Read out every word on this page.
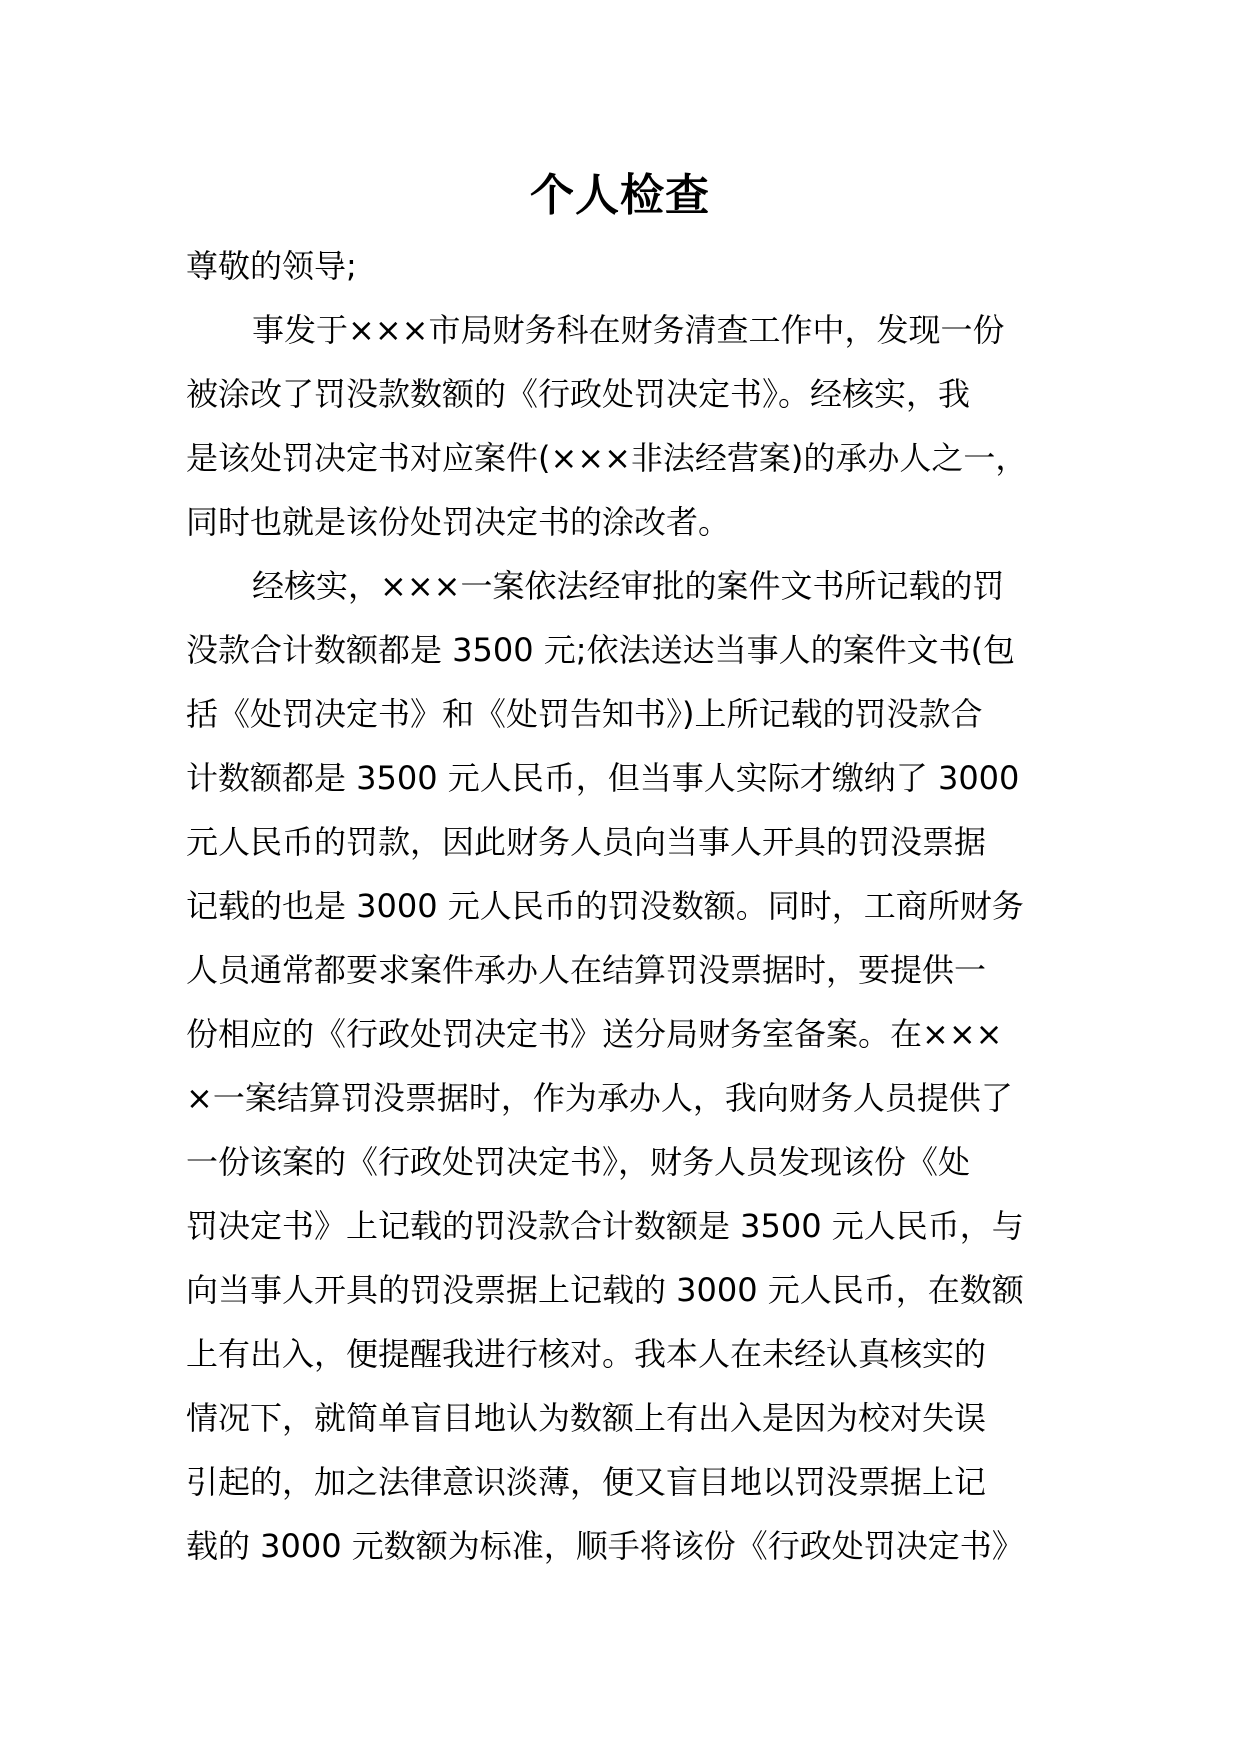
个人检查
尊敬的领导;
事发于×××市局财务科在财务清查工作中，发现一份
被涂改了罚没款数额的《行政处罚决定书》。经核实，我
是该处罚决定书对应案件(×××非法经营案)的承办人之一，
同时也就是该份处罚决定书的涂改者。
经核实，×××一案依法经审批的案件文书所记载的罚
没款合计数额都是 3500 元;依法送达当事人的案件文书(包
括《处罚决定书》和《处罚告知书》)上所记载的罚没款合
计数额都是 3500 元人民币，但当事人实际才缴纳了 3000
元人民币的罚款，因此财务人员向当事人开具的罚没票据
记载的也是 3000 元人民币的罚没数额。同时，工商所财务
人员通常都要求案件承办人在结算罚没票据时，要提供一
份相应的《行政处罚决定书》送分局财务室备案。在×××
×一案结算罚没票据时，作为承办人，我向财务人员提供了
一份该案的《行政处罚决定书》，财务人员发现该份《处
罚决定书》上记载的罚没款合计数额是 3500 元人民币，与
向当事人开具的罚没票据上记载的 3000 元人民币，在数额
上有出入，便提醒我进行核对。我本人在未经认真核实的
情况下，就简单盲目地认为数额上有出入是因为校对失误
引起的，加之法律意识淡薄，便又盲目地以罚没票据上记
载的 3000 元数额为标准，顺手将该份《行政处罚决定书》
